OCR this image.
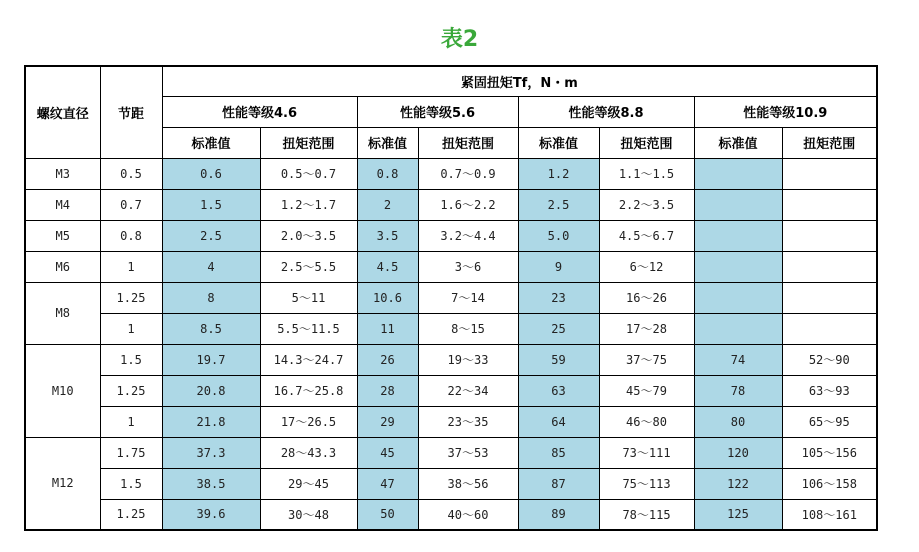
表2
螺纹直径	节距	紧固扭矩Tf，N・m							
		性能等级4.6		性能等级5.6		性能等级8.8		性能等级10.9	
		标准值	扭矩范围	标准值	扭矩范围	标准值	扭矩范围	标准值	扭矩范围
M3	0.5	0.6	0.5～0.7	0.8	0.7～0.9	1.2	1.1～1.5		
M4	0.7	1.5	1.2～1.7	2	1.6～2.2	2.5	2.2～3.5		
M5	0.8	2.5	2.0～3.5	3.5	3.2～4.4	5.0	4.5～6.7		
M6	1	4	2.5～5.5	4.5	3～6	9	6～12		
M8	1.25	8	5～11	10.6	7～14	23	16～26		
	1	8.5	5.5～11.5	11	8～15	25	17～28		
M10	1.5	19.7	14.3～24.7	26	19～33	59	37～75	74	52～90
	1.25	20.8	16.7～25.8	28	22～34	63	45～79	78	63～93
	1	21.8	17～26.5	29	23～35	64	46～80	80	65～95
M12	1.75	37.3	28～43.3	45	37～53	85	73～111	120	105～156
	1.5	38.5	29～45	47	38～56	87	75～113	122	106～158
	1.25	39.6	30～48	50	40～60	89	78～115	125	108～161
